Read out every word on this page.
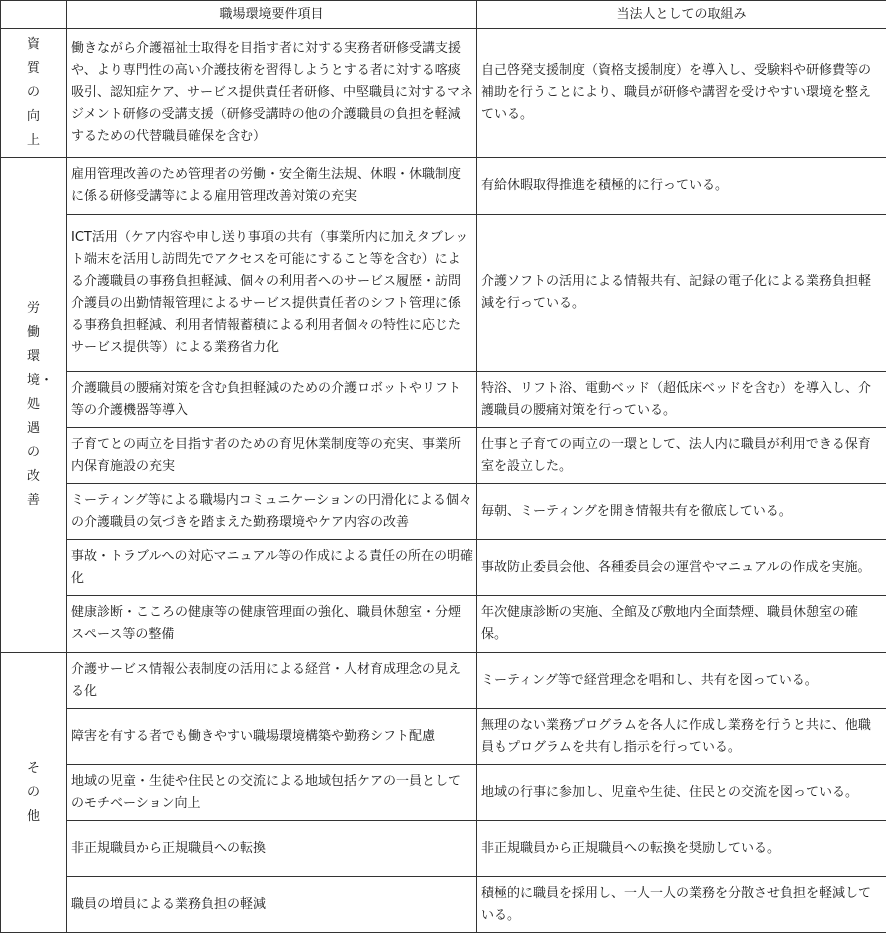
	職場環境要件項目	当法人としての取組み

資質の向上	働きながら介護福祉士取得を目指す者に対する実務者研修受講支援や、より専門性の高い介護技術を習得しようとする者に対する喀痰吸引、認知症ケア、サービス提供責任者研修、中堅職員に対するマネジメント研修の受講支援（研修受講時の他の介護職員の負担を軽減するための代替職員確保を含む）	自己啓発支援制度（資格支援制度）を導入し、受験料や研修費等の補助を行うことにより、職員が研修や講習を受けやすい環境を整えている。

労働環境・処遇の改善	雇用管理改善のため管理者の労働・安全衛生法規、休暇・休職制度に係る研修受講等による雇用管理改善対策の充実	有給休暇取得推進を積極的に行っている。
	ICT活用（ケア内容や申し送り事項の共有（事業所内に加えタブレット端末を活用し訪問先でアクセスを可能にすること等を含む）による介護職員の事務負担軽減、個々の利用者へのサービス履歴・訪問介護員の出勤情報管理によるサービス提供責任者のシフト管理に係る事務負担軽減、利用者情報蓄積による利用者個々の特性に応じたサービス提供等）による業務省力化	介護ソフトの活用による情報共有、記録の電子化による業務負担軽減を行っている。
	介護職員の腰痛対策を含む負担軽減のための介護ロボットやリフト等の介護機器等導入	特浴、リフト浴、電動ベッド（超低床ベッドを含む）を導入し、介護職員の腰痛対策を行っている。
	子育てとの両立を目指す者のための育児休業制度等の充実、事業所内保育施設の充実	仕事と子育ての両立の一環として、法人内に職員が利用できる保育室を設立した。
	ミーティング等による職場内コミュニケーションの円滑化による個々の介護職員の気づきを踏まえた勤務環境やケア内容の改善	毎朝、ミーティングを開き情報共有を徹底している。
	事故・トラブルへの対応マニュアル等の作成による責任の所在の明確化	事故防止委員会他、各種委員会の運営やマニュアルの作成を実施。
	健康診断・こころの健康等の健康管理面の強化、職員休憩室・分煙スペース等の整備	年次健康診断の実施、全館及び敷地内全面禁煙、職員休憩室の確保。

その他	介護サービス情報公表制度の活用による経営・人材育成理念の見える化	ミーティング等で経営理念を唱和し、共有を図っている。
	障害を有する者でも働きやすい職場環境構築や勤務シフト配慮	無理のない業務プログラムを各人に作成し業務を行うと共に、他職員もプログラムを共有し指示を行っている。
	地域の児童・生徒や住民との交流による地域包括ケアの一員としてのモチベーション向上	地域の行事に参加し、児童や生徒、住民との交流を図っている。
	非正規職員から正規職員への転換	非正規職員から正規職員への転換を奨励している。
	職員の増員による業務負担の軽減	積極的に職員を採用し、一人一人の業務を分散させ負担を軽減している。
